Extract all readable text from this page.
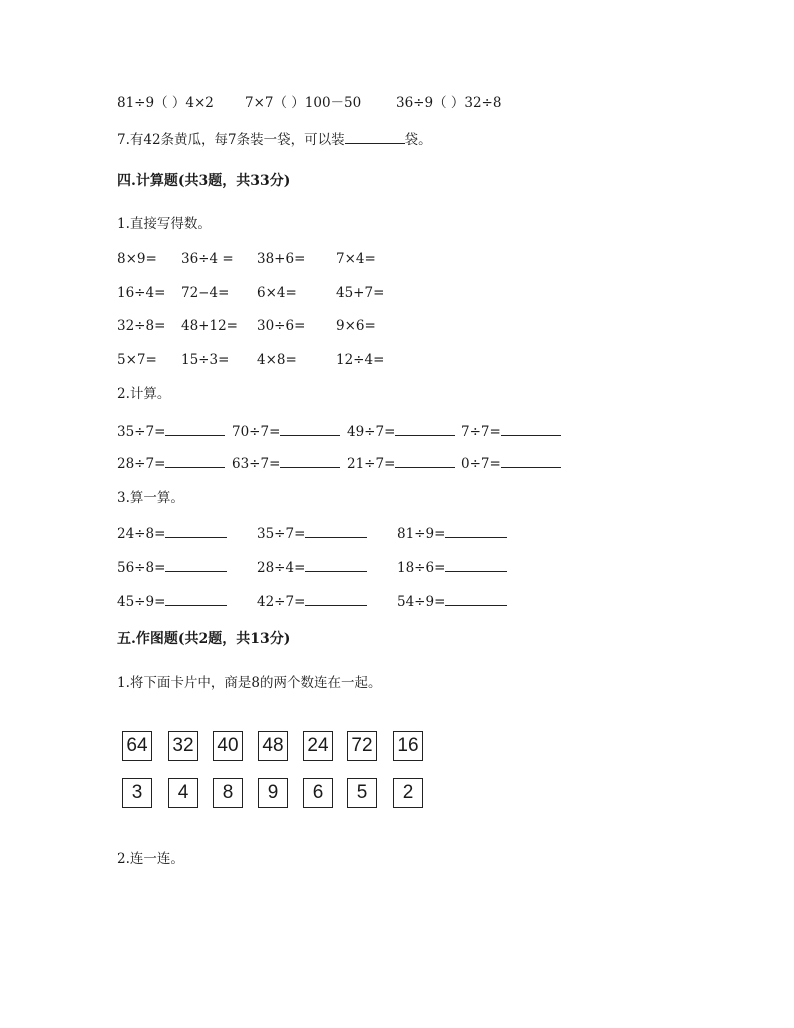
81÷9（ ）4×2 7×7（ ）100－50	36÷9（ ）32÷8
7.有42条黄瓜，每7条装一袋，可以装	袋。
四.计算题(共3题，共33分)
1.直接写得数。
8×9= 36÷4 = 38+6= 7×4=
16÷4= 72−4= 6×4=	45+7=
32÷8= 48+12= 30÷6= 9×6=
5×7= 15÷3= 4×8=	12÷4=
2.计算。
35÷7=	70÷7=	49÷7=	7÷7=
28÷7=	63÷7=	21÷7=	0÷7=
3.算一算。
24÷8=	35÷7=	81÷9=
56÷8=	28÷4=	18÷6=
45÷9=	42÷7=	54÷9=
五.作图题(共2题，共13分)
1.将下面卡片中，商是8的两个数连在一起。
64 32 40 48 24 72 16
3	4	8	9	6	5	2
2.连一连。
